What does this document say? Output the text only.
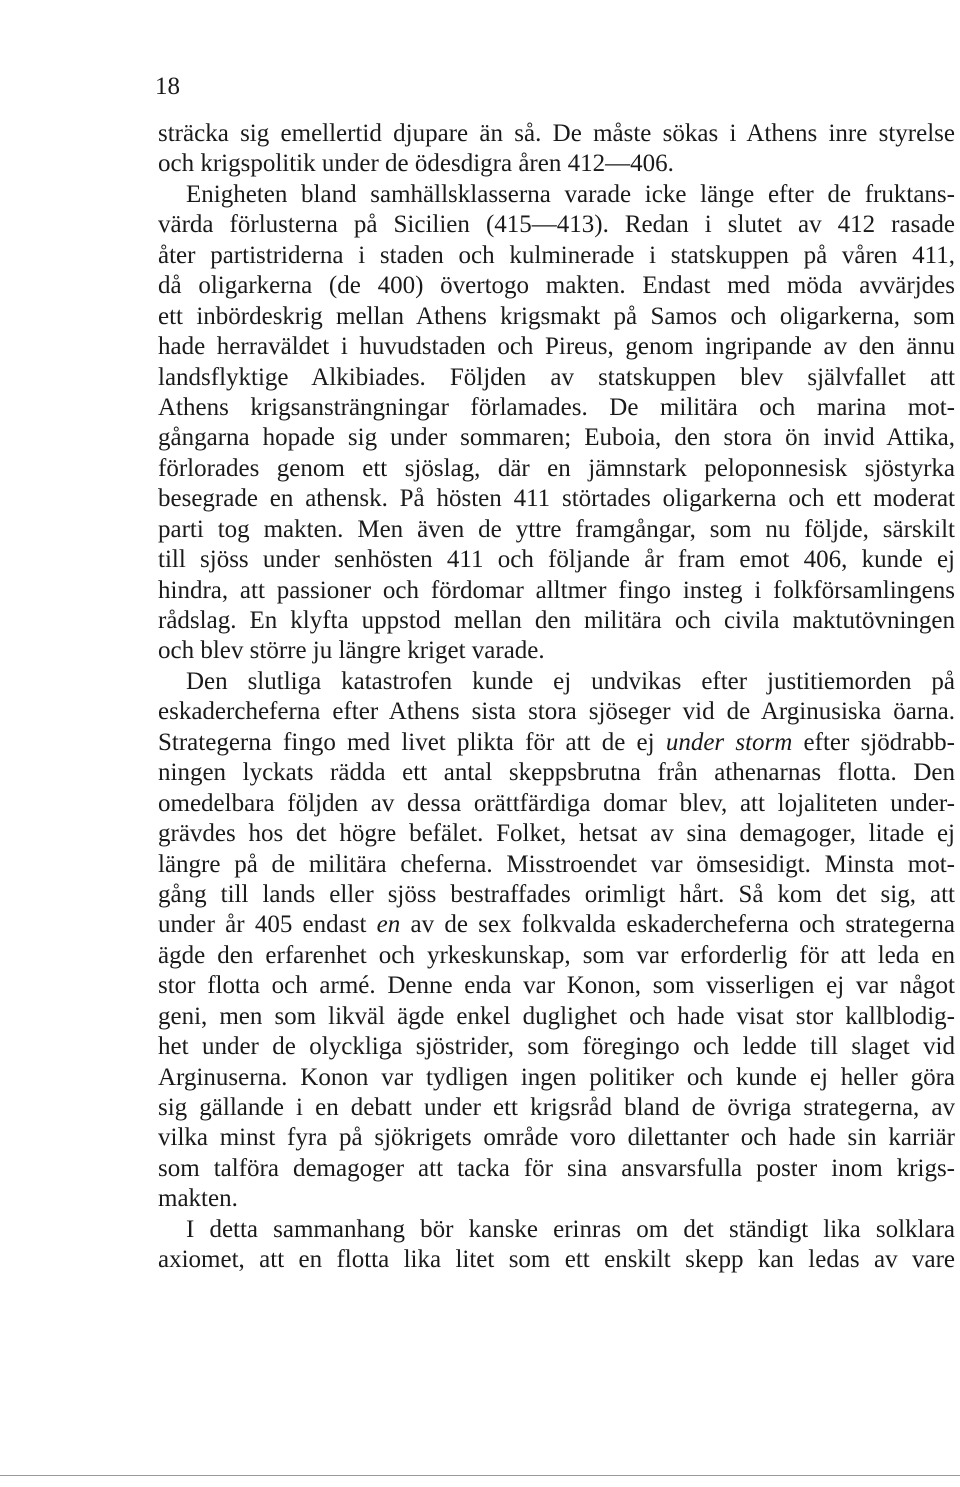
18
sträcka sig emellertid djupare än så. De måste sökas i Athens inre styrelse
och krigspolitik under de ödesdigra åren 412—406.
Enigheten bland samhällsklasserna varade icke länge efter de fruktans-
värda förlusterna på Sicilien (415—413). Redan i slutet av 412 rasade
åter partistriderna i staden och kulminerade i statskuppen på våren 411,
då oligarkerna (de 400) övertogo makten. Endast med möda avvärjdes
ett inbördeskrig mellan Athens krigsmakt på Samos och oligarkerna, som
hade herraväldet i huvudstaden och Pireus, genom ingripande av den ännu
landsflyktige Alkibiades. Följden av statskuppen blev självfallet att
Athens krigsansträngningar förlamades. De militära och marina mot-
gångarna hopade sig under sommaren; Euboia, den stora ön invid Attika,
förlorades genom ett sjöslag, där en jämnstark peloponnesisk sjöstyrka
besegrade en athensk. På hösten 411 störtades oligarkerna och ett moderat
parti tog makten. Men även de yttre framgångar, som nu följde, särskilt
till sjöss under senhösten 411 och följande år fram emot 406, kunde ej
hindra, att passioner och fördomar alltmer fingo insteg i folkförsamlingens
rådslag. En klyfta uppstod mellan den militära och civila maktutövningen
och blev större ju längre kriget varade.
Den slutliga katastrofen kunde ej undvikas efter justitiemorden på
eskadercheferna efter Athens sista stora sjöseger vid de Arginusiska öarna.
Strategerna fingo med livet plikta för att de ej under storm efter sjödrabb-
ningen lyckats rädda ett antal skeppsbrutna från athenarnas flotta. Den
omedelbara följden av dessa orättfärdiga domar blev, att lojaliteten under-
grävdes hos det högre befälet. Folket, hetsat av sina demagoger, litade ej
längre på de militära cheferna. Misstroendet var ömsesidigt. Minsta mot-
gång till lands eller sjöss bestraffades orimligt hårt. Så kom det sig, att
under år 405 endast en av de sex folkvalda eskadercheferna och strategerna
ägde den erfarenhet och yrkeskunskap, som var erforderlig för att leda en
stor flotta och armé. Denne enda var Konon, som visserligen ej var något
geni, men som likväl ägde enkel duglighet och hade visat stor kallblodig-
het under de olyckliga sjöstrider, som föregingo och ledde till slaget vid
Arginuserna. Konon var tydligen ingen politiker och kunde ej heller göra
sig gällande i en debatt under ett krigsråd bland de övriga strategerna, av
vilka minst fyra på sjökrigets område voro dilettanter och hade sin karriär
som talföra demagoger att tacka för sina ansvarsfulla poster inom krigs-
makten.
I detta sammanhang bör kanske erinras om det ständigt lika solklara
axiomet, att en flotta lika litet som ett enskilt skepp kan ledas av vare
